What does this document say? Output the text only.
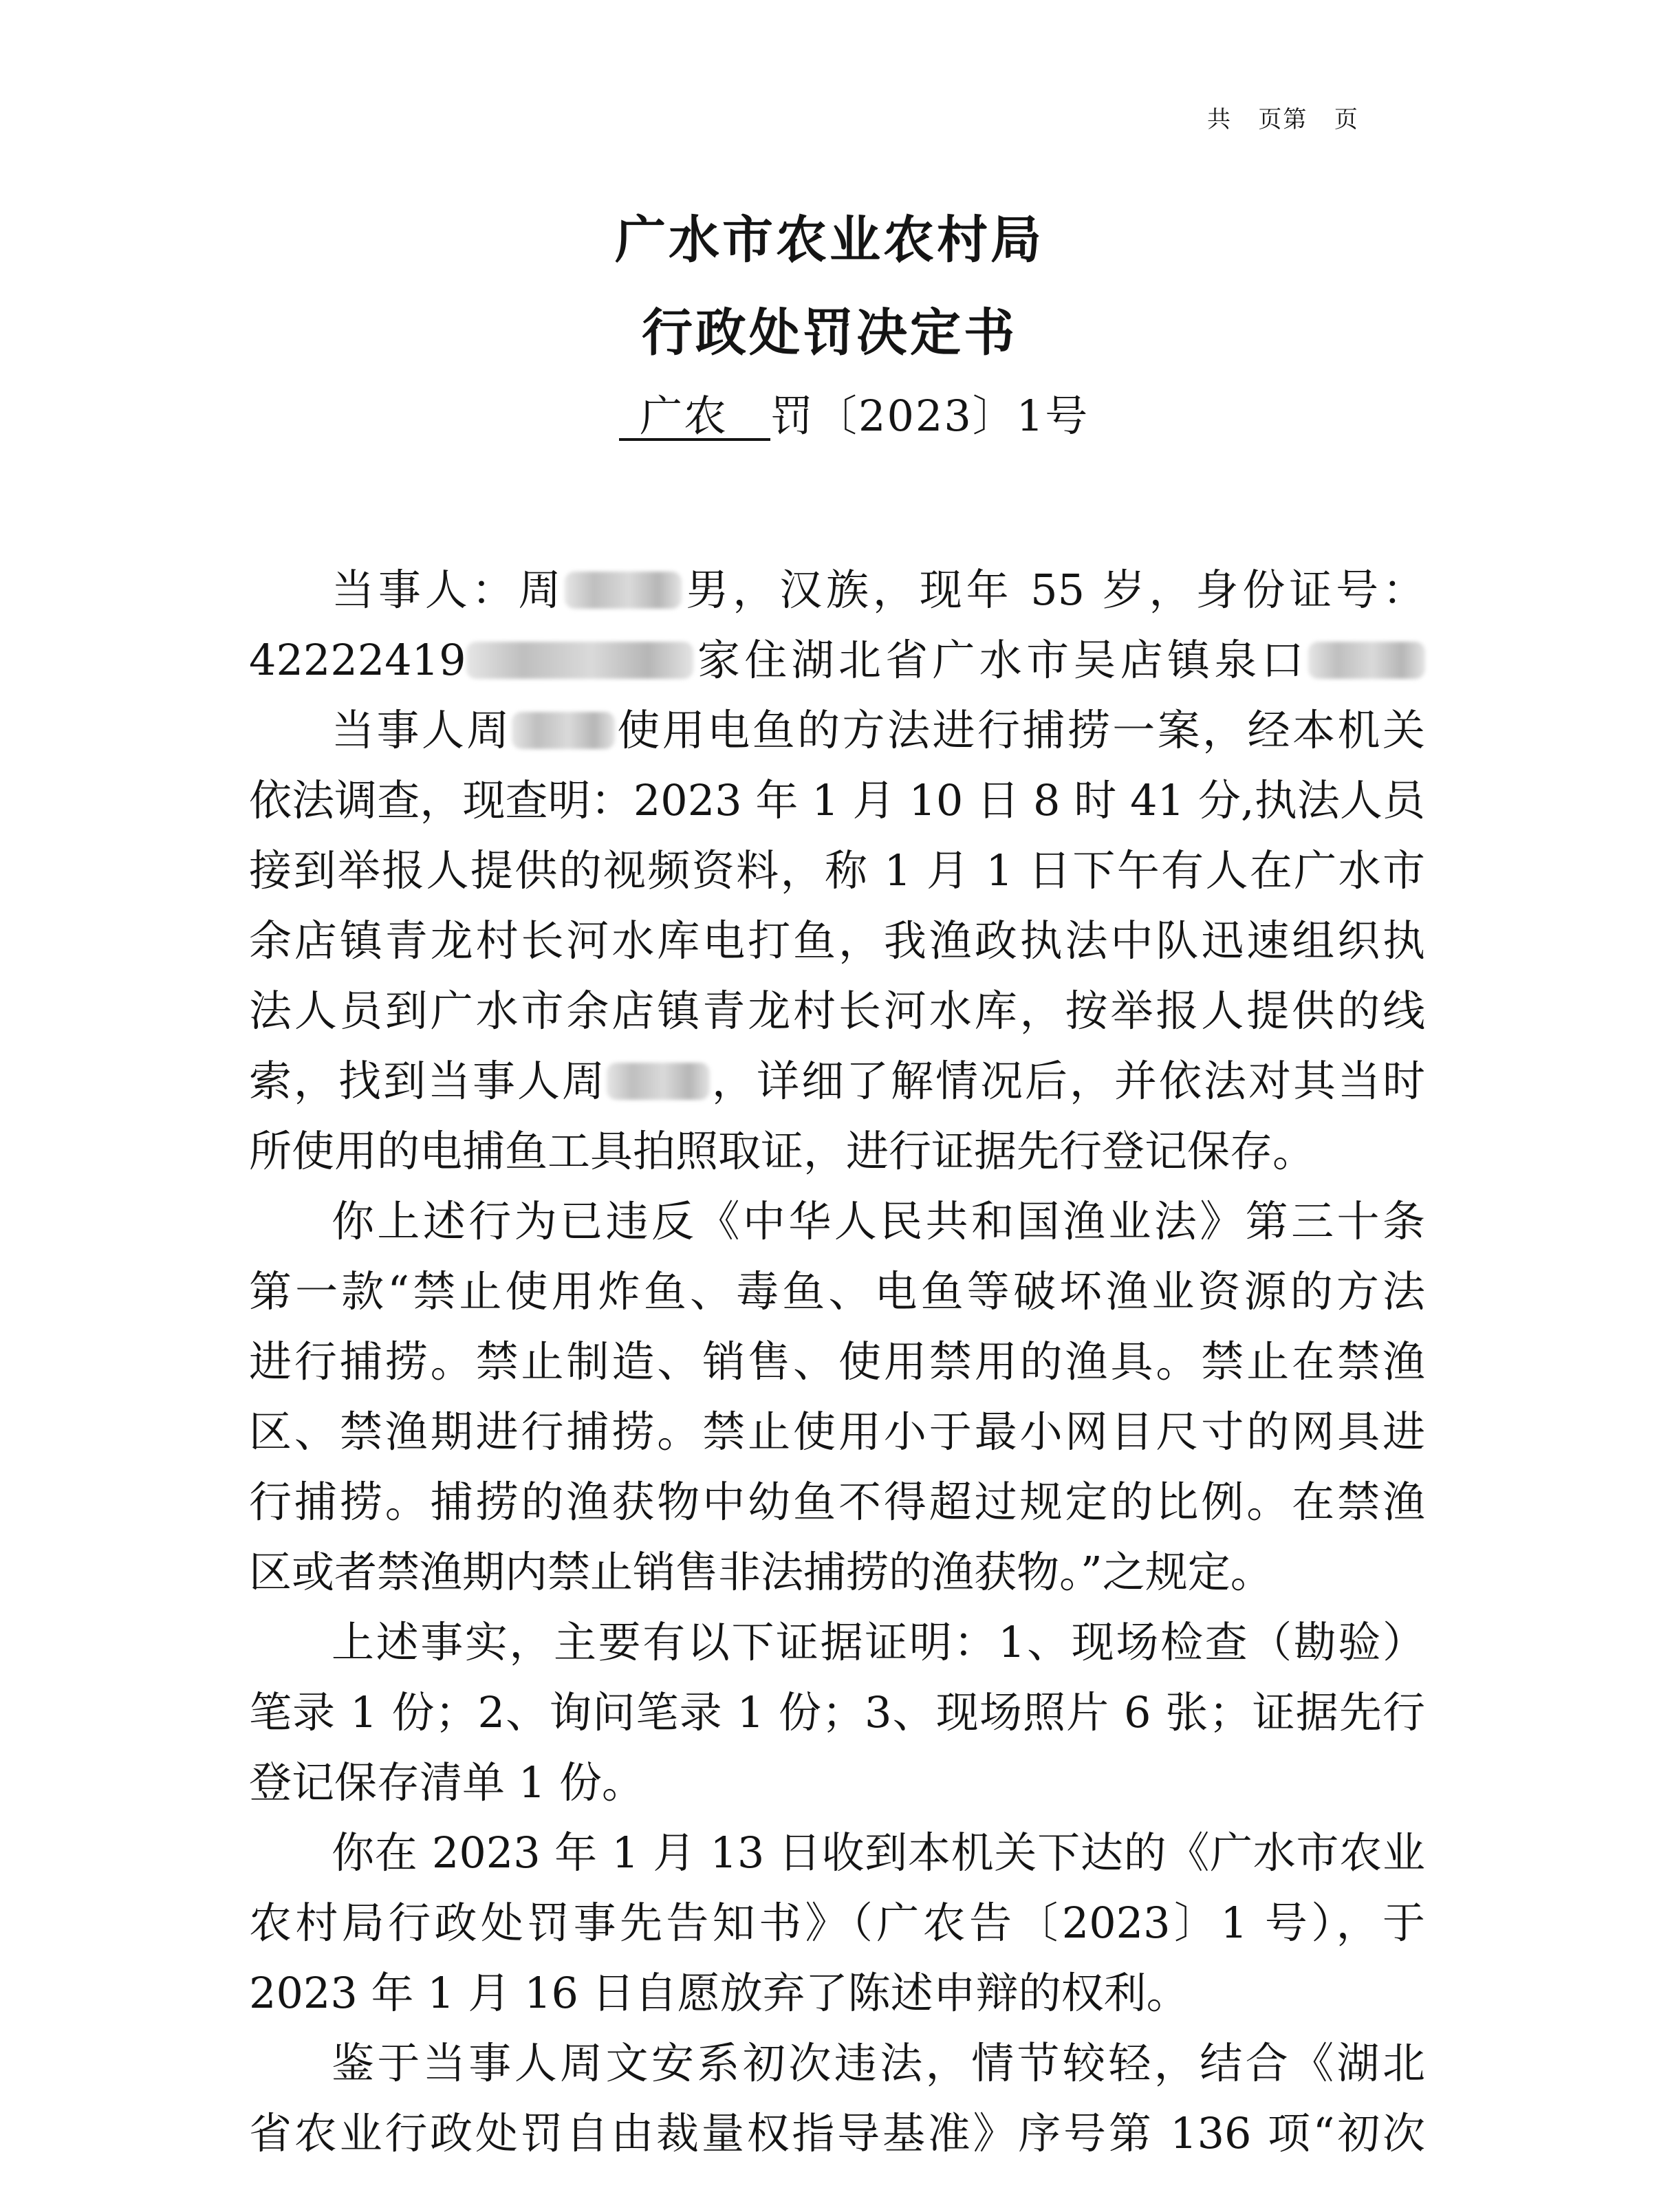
共   页第   页
广水市农业农村局
行政处罚决定书
广农 罚〔2023〕1号
当事人：周	男，汉族，现年 55 岁，身份证号：
42222419	家住湖北省广水市吴店镇泉口
当事人周 使用电鱼的方法进行捕捞一案，经本机关
依法调查，现查明：2023 年 1 月 10 日 8 时 41 分,执法人员
接到举报人提供的视频资料，称 1 月 1 日下午有人在广水市
余店镇青龙村长河水库电打鱼，我渔政执法中队迅速组织执
法人员到广水市余店镇青龙村长河水库，按举报人提供的线
索，找到当事人周 ，详细了解情况后，并依法对其当时
所使用的电捕鱼工具拍照取证，进行证据先行登记保存。
你上述行为已违反《中华人民共和国渔业法》第三十条
第一款“禁止使用炸鱼、毒鱼、电鱼等破坏渔业资源的方法
进行捕捞。禁止制造、销售、使用禁用的渔具。禁止在禁渔
区、禁渔期进行捕捞。禁止使用小于最小网目尺寸的网具进
行捕捞。捕捞的渔获物中幼鱼不得超过规定的比例。在禁渔
区或者禁渔期内禁止销售非法捕捞的渔获物。”之规定。
上述事实，主要有以下证据证明：1、现场检查（勘验）
笔录 1 份；2、询问笔录 1 份；3、现场照片 6 张；证据先行
登记保存清单 1 份。
你在 2023 年 1 月 13 日收到本机关下达的《广水市农业
农村局行政处罚事先告知书》（广农告〔2023〕1 号），于
2023 年 1 月 16 日自愿放弃了陈述申辩的权利。
鉴于当事人周文安系初次违法，情节较轻，结合《湖北
省农业行政处罚自由裁量权指导基准》序号第 136 项“初次
